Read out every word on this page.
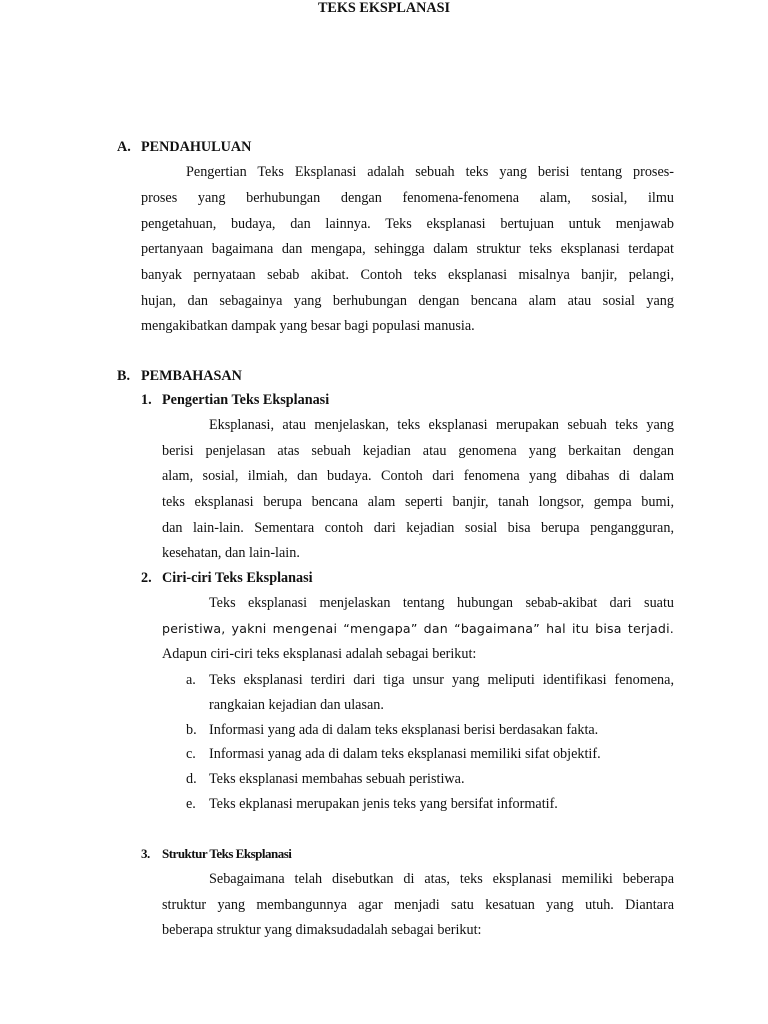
TEKS EKSPLANASI
A. PENDAHULUAN
Pengertian Teks Eksplanasi adalah sebuah teks yang berisi tentang proses-
proses yang berhubungan dengan fenomena-fenomena alam, sosial, ilmu
pengetahuan, budaya, dan lainnya. Teks eksplanasi bertujuan untuk menjawab
pertanyaan bagaimana dan mengapa, sehingga dalam struktur teks eksplanasi terdapat
banyak pernyataan sebab akibat. Contoh teks eksplanasi misalnya banjir, pelangi,
hujan, dan sebagainya yang berhubungan dengan bencana alam atau sosial yang
mengakibatkan dampak yang besar bagi populasi manusia.
B. PEMBAHASAN
1. Pengertian Teks Eksplanasi
Eksplanasi, atau menjelaskan, teks eksplanasi merupakan sebuah teks yang
berisi penjelasan atas sebuah kejadian atau genomena yang berkaitan dengan
alam, sosial, ilmiah, dan budaya. Contoh dari fenomena yang dibahas di dalam
teks eksplanasi berupa bencana alam seperti banjir, tanah longsor, gempa bumi,
dan lain-lain. Sementara contoh dari kejadian sosial bisa berupa pengangguran,
kesehatan, dan lain-lain.
2. Ciri-ciri Teks Eksplanasi
Teks eksplanasi menjelaskan tentang hubungan sebab-akibat dari suatu
peristiwa, yakni mengenai “mengapa” dan “bagaimana” hal itu bisa terjadi.
Adapun ciri-ciri teks eksplanasi adalah sebagai berikut:
a. Teks eksplanasi terdiri dari tiga unsur yang meliputi identifikasi fenomena,
rangkaian kejadian dan ulasan.
b. Informasi yang ada di dalam teks eksplanasi berisi berdasakan fakta.
c. Informasi yanag ada di dalam teks eksplanasi memiliki sifat objektif.
d. Teks eksplanasi membahas sebuah peristiwa.
e. Teks ekplanasi merupakan jenis teks yang bersifat informatif.
3. Struktur Teks Eksplanasi
Sebagaimana telah disebutkan di atas, teks eksplanasi memiliki beberapa
struktur yang membangunnya agar menjadi satu kesatuan yang utuh. Diantara
beberapa struktur yang dimaksudadalah sebagai berikut:
